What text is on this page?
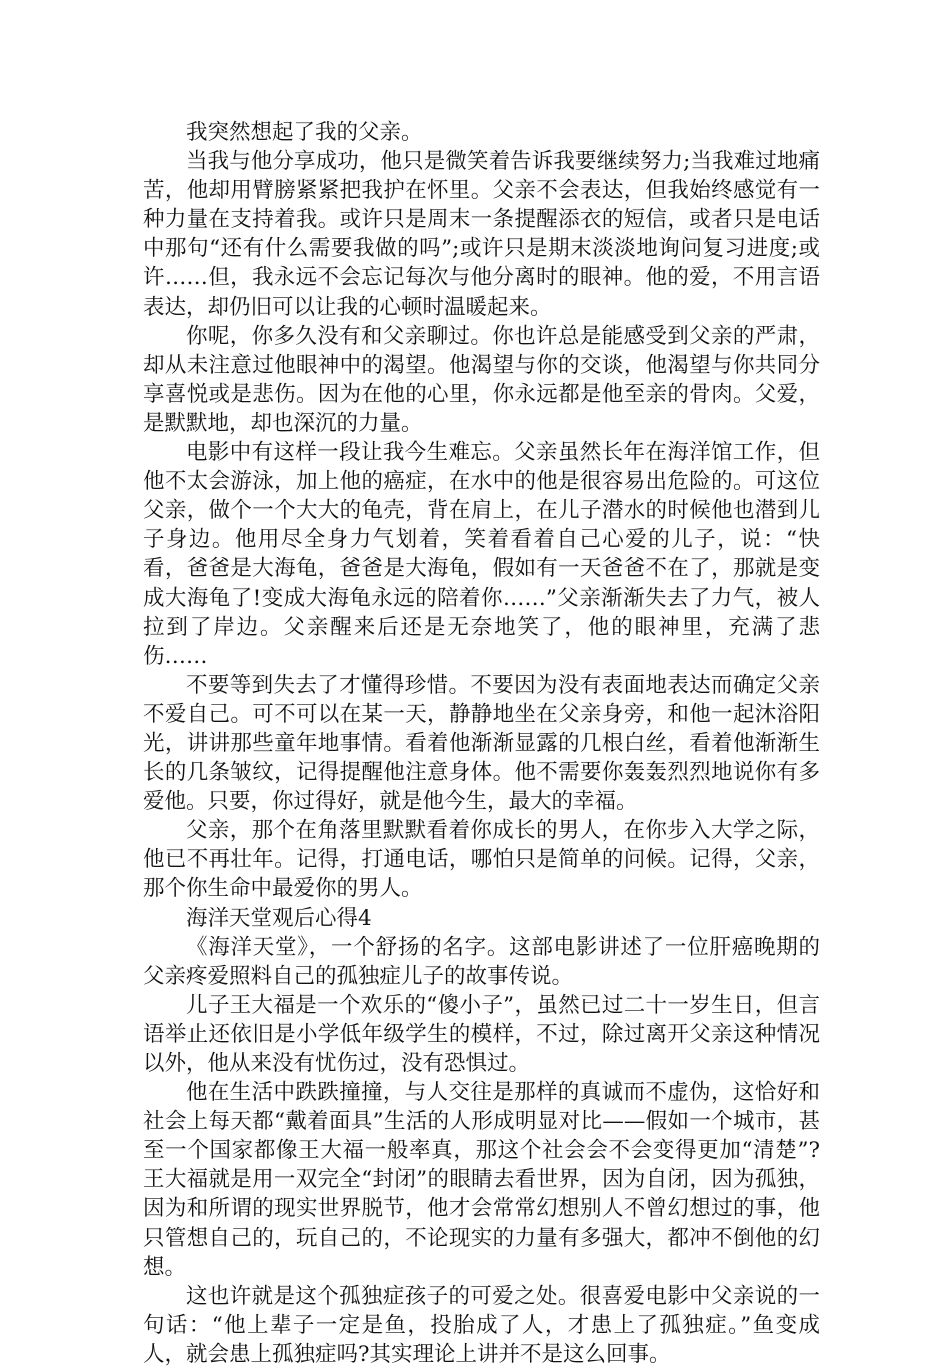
我突然想起了我的父亲。

当我与他分享成功，他只是微笑着告诉我要继续努力;当我难过地痛苦，他却用臂膀紧紧把我护在怀里。父亲不会表达，但我始终感觉有一种力量在支持着我。或许只是周末一条提醒添衣的短信，或者只是电话中那句“还有什么需要我做的吗”;或许只是期末淡淡地询问复习进度;或许……但，我永远不会忘记每次与他分离时的眼神。他的爱，不用言语表达，却仍旧可以让我的心顿时温暖起来。

你呢，你多久没有和父亲聊过。你也许总是能感受到父亲的严肃，却从未注意过他眼神中的渴望。他渴望与你的交谈，他渴望与你共同分享喜悦或是悲伤。因为在他的心里，你永远都是他至亲的骨肉。父爱，是默默地，却也深沉的力量。

电影中有这样一段让我今生难忘。父亲虽然长年在海洋馆工作，但他不太会游泳，加上他的癌症，在水中的他是很容易出危险的。可这位父亲，做个一个大大的龟壳，背在肩上，在儿子潜水的时候他也潜到儿子身边。他用尽全身力气划着，笑着看着自己心爱的儿子，说：“快看，爸爸是大海龟，爸爸是大海龟，假如有一天爸爸不在了，那就是变成大海龟了!变成大海龟永远的陪着你……”父亲渐渐失去了力气，被人拉到了岸边。父亲醒来后还是无奈地笑了，他的眼神里，充满了悲伤……

不要等到失去了才懂得珍惜。不要因为没有表面地表达而确定父亲不爱自己。可不可以在某一天，静静地坐在父亲身旁，和他一起沐浴阳光，讲讲那些童年地事情。看着他渐渐显露的几根白丝，看着他渐渐生长的几条皱纹，记得提醒他注意身体。他不需要你轰轰烈烈地说你有多爱他。只要，你过得好，就是他今生，最大的幸福。

父亲，那个在角落里默默看着你成长的男人，在你步入大学之际，他已不再壮年。记得，打通电话，哪怕只是简单的问候。记得，父亲，那个你生命中最爱你的男人。

海洋天堂观后心得4

《海洋天堂》，一个舒扬的名字。这部电影讲述了一位肝癌晚期的父亲疼爱照料自己的孤独症儿子的故事传说。

儿子王大福是一个欢乐的“傻小子”，虽然已过二十一岁生日，但言语举止还依旧是小学低年级学生的模样，不过，除过离开父亲这种情况以外，他从来没有忧伤过，没有恐惧过。

他在生活中跌跌撞撞，与人交往是那样的真诚而不虚伪，这恰好和社会上每天都“戴着面具”生活的人形成明显对比——假如一个城市，甚至一个国家都像王大福一般率真，那这个社会会不会变得更加“清楚”?王大福就是用一双完全“封闭”的眼睛去看世界，因为自闭，因为孤独，因为和所谓的现实世界脱节，他才会常常幻想别人不曾幻想过的事，他只管想自己的，玩自己的，不论现实的力量有多强大，都冲不倒他的幻想。

这也许就是这个孤独症孩子的可爱之处。很喜爱电影中父亲说的一句话：“他上辈子一定是鱼，投胎成了人，才患上了孤独症。”鱼变成人，就会患上孤独症吗?其实理论上讲并不是这么回事。
